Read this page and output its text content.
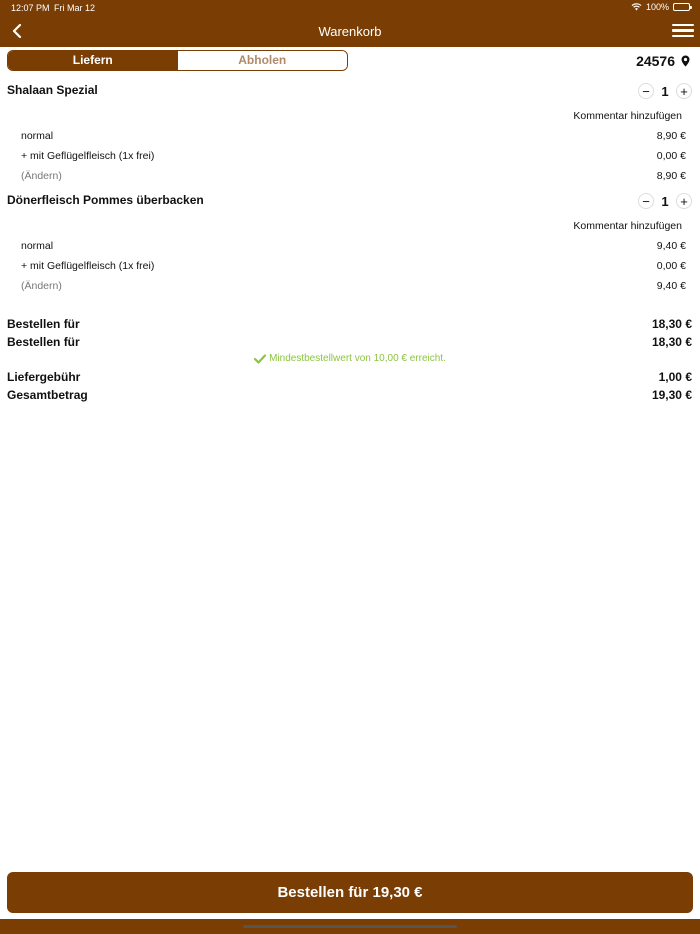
12:07 PM Fri Mar 12	100%
Warenkorb
Liefern	Abholen	24576
Shalaan Spezial	− 1 +
Kommentar hinzufügen
normal	8,90 €
+ mit Geflügelfleisch (1x frei)	0,00 €
(Ändern)	8,90 €
Dönerfleisch Pommes überbacken	− 1 +
Kommentar hinzufügen
normal	9,40 €
+ mit Geflügelfleisch (1x frei)	0,00 €
(Ändern)	9,40 €
Bestellen für	18,30 €
Bestellen für	18,30 €
Mindestbestellwert von 10,00 € erreicht.
Liefergebühr	1,00 €
Gesamtbetrag	19,30 €
Bestellen für 19,30 €
